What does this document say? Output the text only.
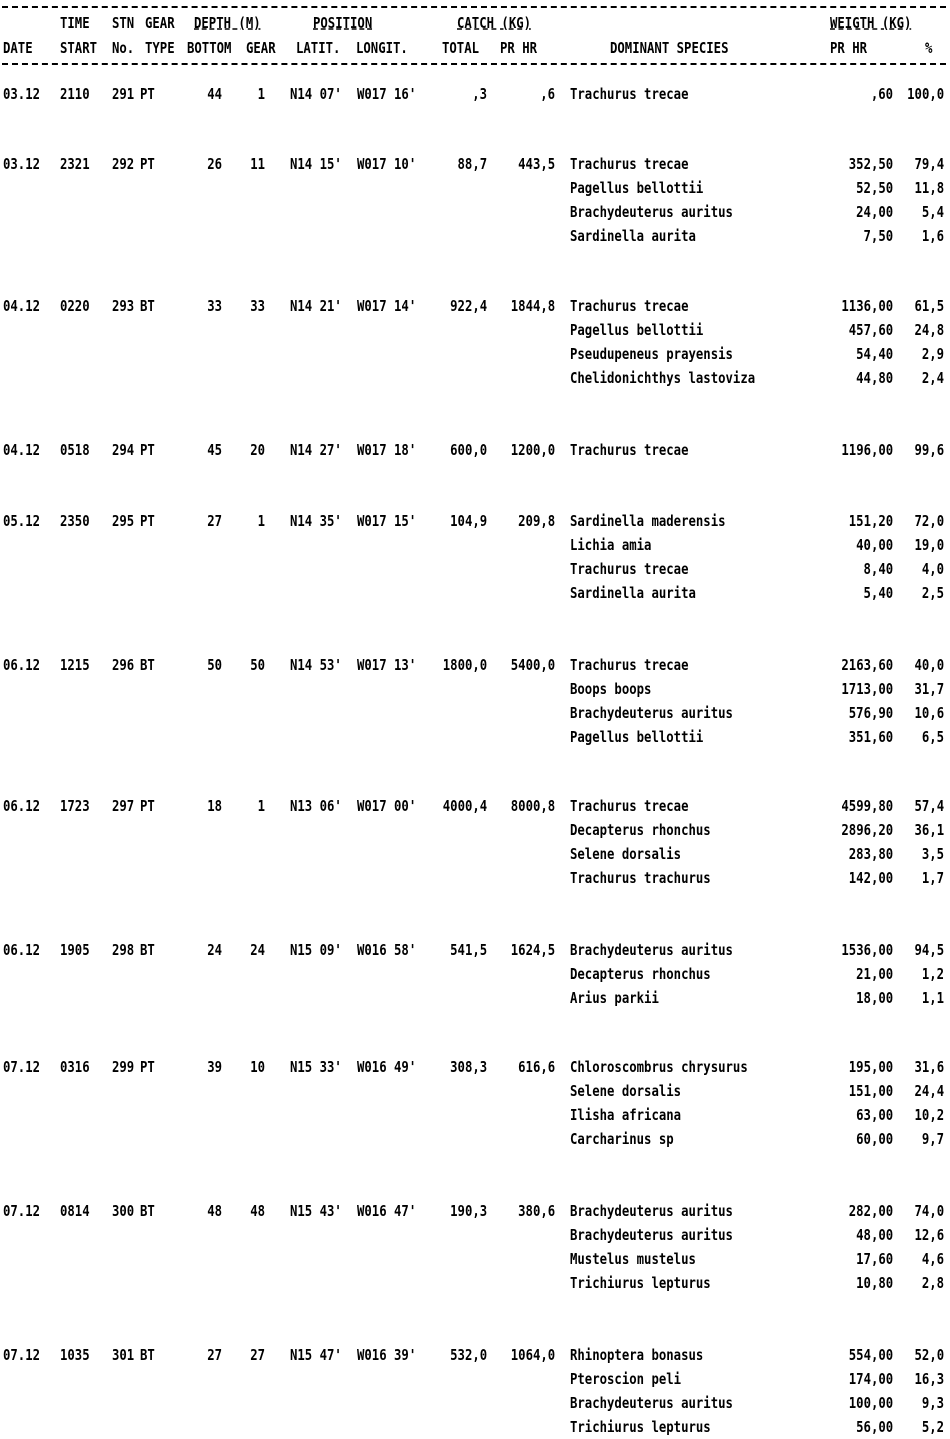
TIME STN GEAR DEPTH (M)	POSITION	CATCH (KG)	WEIGTH (KG)
DATE START No. TYPE BOTTOM GEAR LATIT. LONGIT. TOTAL PR HR	DOMINANT SPECIES	PR HR	%
03.12 2110 291 PT	44 1 N14 07' W017 16'	,3	,6 Trachurus trecae	,60 100,0
03.12 2321 292 PT	26 11 N14 15' W017 10'	88,7 443,5 Trachurus trecae	352,50 79,4
Pagellus bellottii	52,50 11,8
Brachydeuterus auritus	24,00 5,4
Sardinella aurita	7,50 1,6
04.12 0220 293 BT	33 33 N14 21' W017 14' 922,4 1844,8 Trachurus trecae	1136,00 61,5
Pagellus bellottii	457,60 24,8
Pseudupeneus prayensis	54,40 2,9
Chelidonichthys lastoviza	44,80 2,4
04.12 0518 294 PT	45 20 N14 27' W017 18' 600,0 1200,0 Trachurus trecae	1196,00 99,6
05.12 2350 295 PT	27 1 N14 35' W017 15' 104,9 209,8 Sardinella maderensis	151,20 72,0
Lichia amia	40,00 19,0
Trachurus trecae	8,40 4,0
Sardinella aurita	5,40 2,5
06.12 1215 296 BT	50 50 N14 53' W017 13' 1800,0 5400,0 Trachurus trecae	2163,60 40,0
Boops boops	1713,00 31,7
Brachydeuterus auritus	576,90 10,6
Pagellus bellottii	351,60 6,5
06.12 1723 297 PT	18 1 N13 06' W017 00' 4000,4 8000,8 Trachurus trecae	4599,80 57,4
Decapterus rhonchus	2896,20 36,1
Selene dorsalis	283,80 3,5
Trachurus trachurus	142,00 1,7
06.12 1905 298 BT	24 24 N15 09' W016 58' 541,5 1624,5 Brachydeuterus auritus	1536,00 94,5
Decapterus rhonchus	21,00 1,2
Arius parkii	18,00 1,1
07.12 0316 299 PT	39 10 N15 33' W016 49' 308,3 616,6 Chloroscombrus chrysurus	195,00 31,6
Selene dorsalis	151,00 24,4
Ilisha africana	63,00 10,2
Carcharinus sp	60,00 9,7
07.12 0814 300 BT	48 48 N15 43' W016 47' 190,3 380,6 Brachydeuterus auritus	282,00 74,0
Brachydeuterus auritus	48,00 12,6
Mustelus mustelus	17,60 4,6
Trichiurus lepturus	10,80 2,8
07.12 1035 301 BT	27 27 N15 47' W016 39' 532,0 1064,0 Rhinoptera bonasus	554,00 52,0
Pteroscion peli	174,00 16,3
Brachydeuterus auritus	100,00 9,3
Trichiurus lepturus	56,00 5,2
